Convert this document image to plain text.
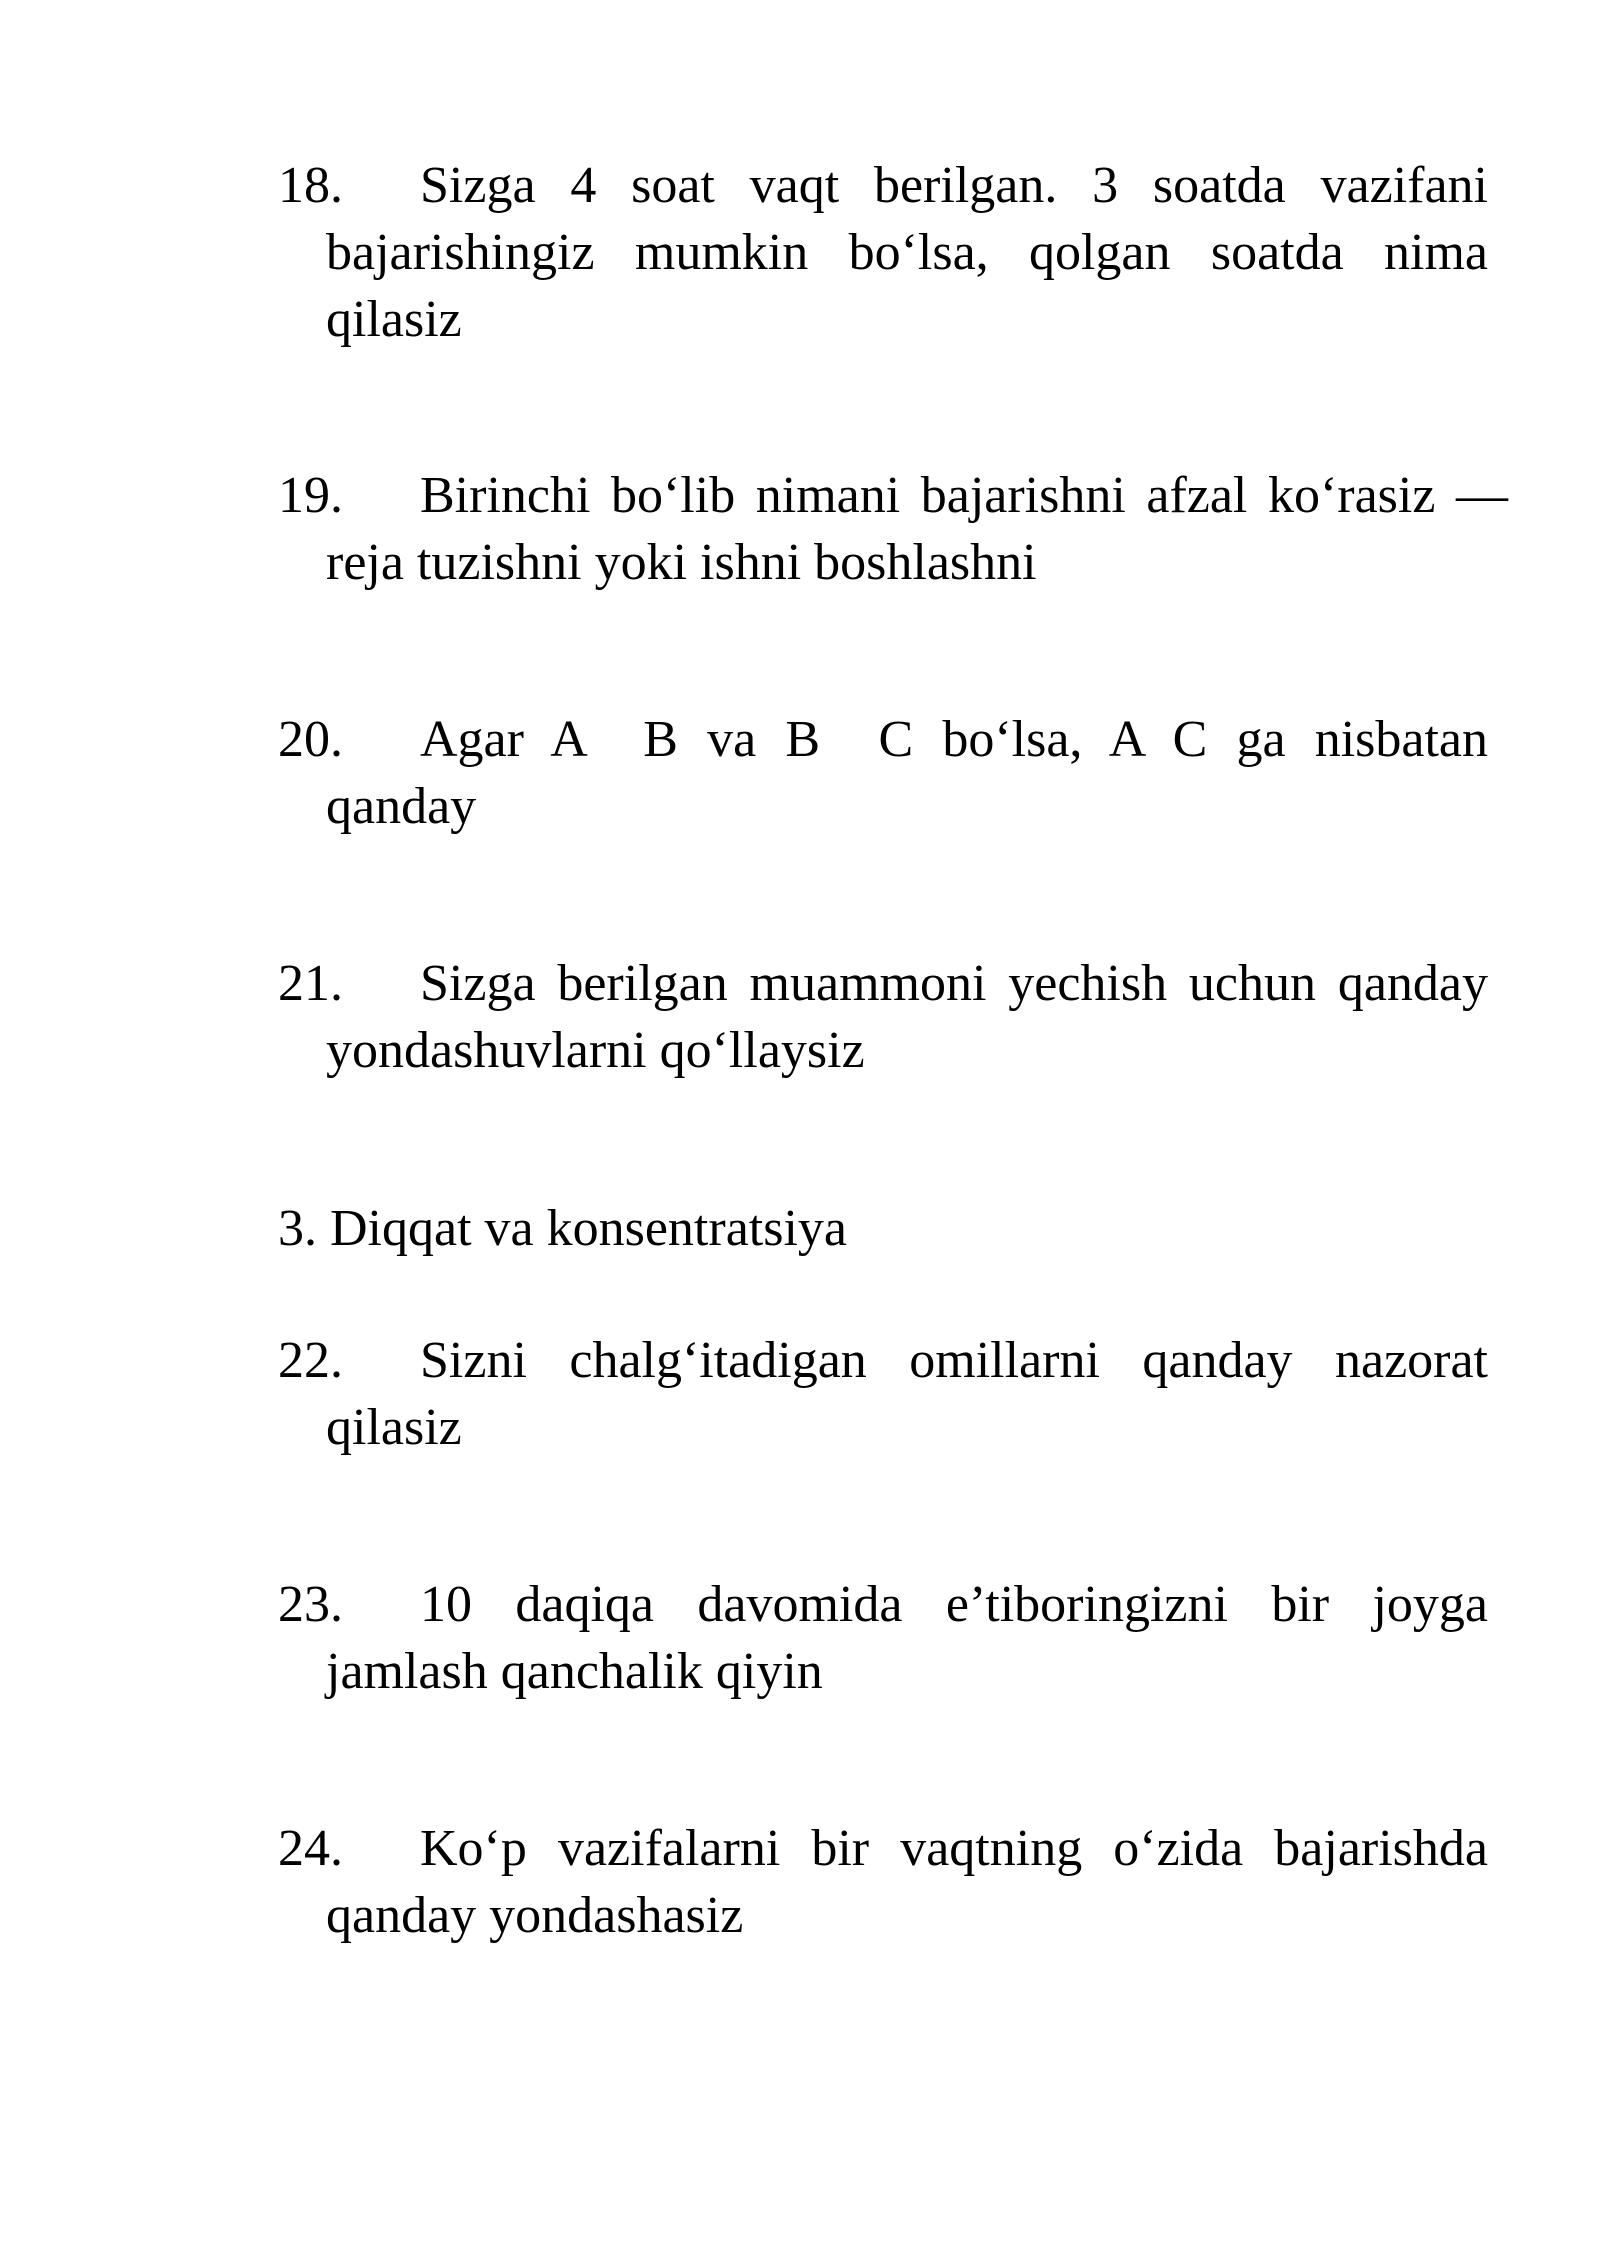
18. Sizga 4 soat vaqt berilgan. 3 soatda vazifani
bajarishingiz mumkin bo‘lsa, qolgan soatda nima
qilasiz
19. Birinchi bo‘lib nimani bajarishni afzal ko‘rasiz —
reja tuzishni yoki ishni boshlashni
20. Agar A  B va B  C bo‘lsa, A C ga nisbatan
qanday
21. Sizga berilgan muammoni yechish uchun qanday
yondashuvlarni qo‘llaysiz
3. Diqqat va konsentratsiya
22. Sizni chalg‘itadigan omillarni qanday nazorat
qilasiz
23. 10 daqiqa davomida e’tiboringizni bir joyga
jamlash qanchalik qiyin
24. Ko‘p vazifalarni bir vaqtning o‘zida bajarishda
qanday yondashasiz
